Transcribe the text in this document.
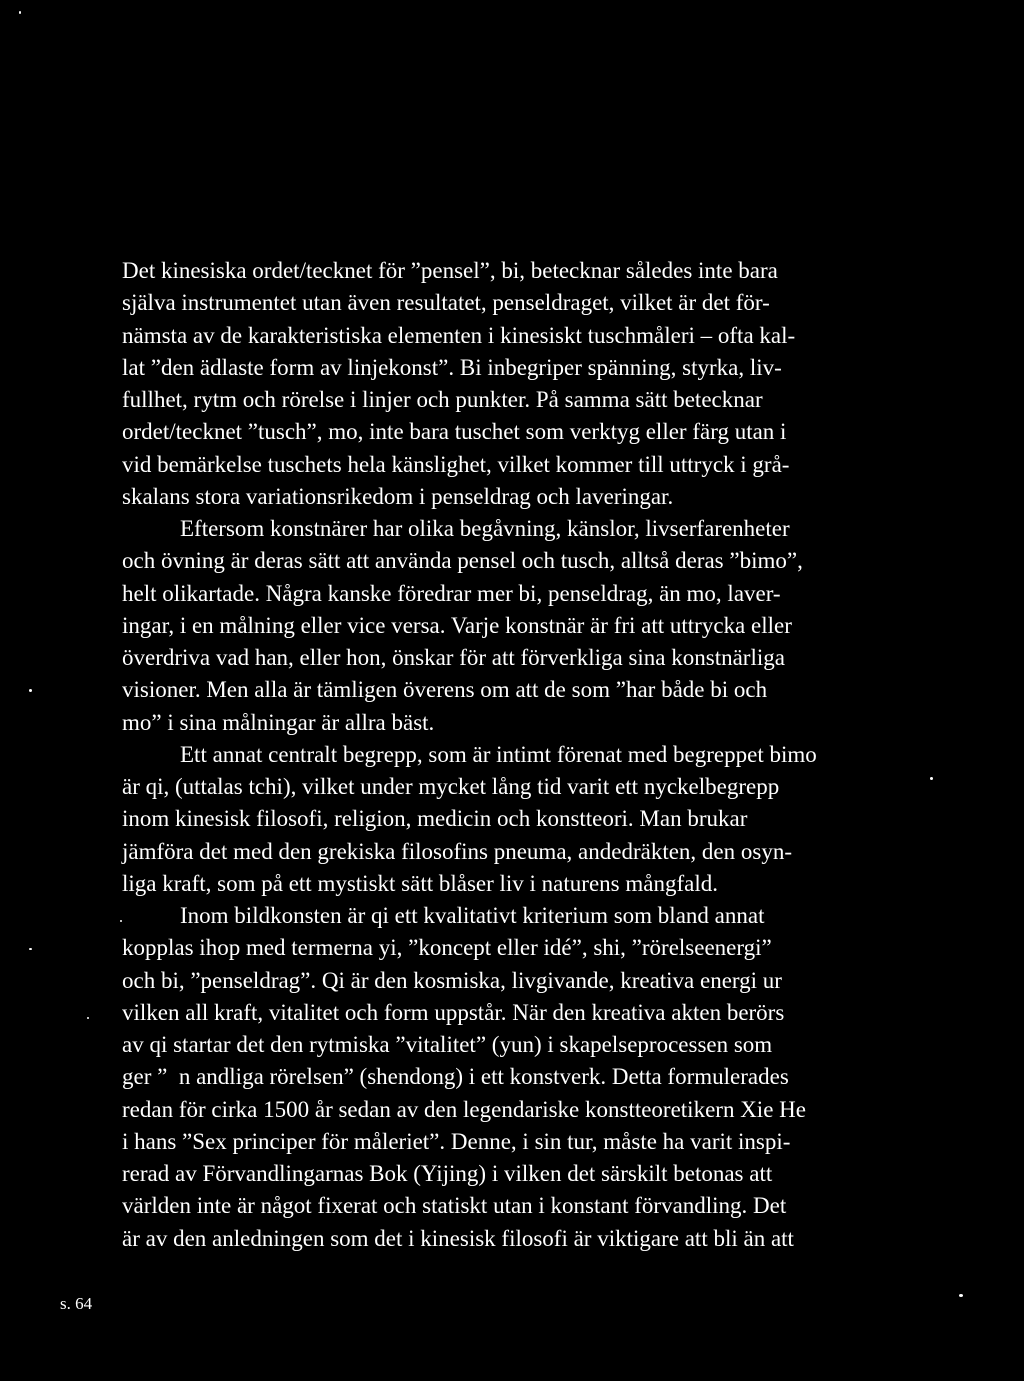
Det kinesiska ordet/tecknet för ”pensel”, bi, betecknar således inte bara
själva instrumentet utan även resultatet, penseldraget, vilket är det för-
nämsta av de karakteristiska elementen i kinesiskt tuschmåleri – ofta kal-
lat ”den ädlaste form av linjekonst”. Bi inbegriper spänning, styrka, liv-
fullhet, rytm och rörelse i linjer och punkter. På samma sätt betecknar
ordet/tecknet ”tusch”, mo, inte bara tuschet som verktyg eller färg utan i
vid bemärkelse tuschets hela känslighet, vilket kommer till uttryck i grå-
skalans stora variationsrikedom i penseldrag och laveringar.
Eftersom konstnärer har olika begåvning, känslor, livserfarenheter
och övning är deras sätt att använda pensel och tusch, alltså deras ”bimo”,
helt olikartade. Några kanske föredrar mer bi, penseldrag, än mo, laver-
ingar, i en målning eller vice versa. Varje konstnär är fri att uttrycka eller
överdriva vad han, eller hon, önskar för att förverkliga sina konstnärliga
visioner. Men alla är tämligen överens om att de som ”har både bi och
mo” i sina målningar är allra bäst.
Ett annat centralt begrepp, som är intimt förenat med begreppet bimo
är qi, (uttalas tchi), vilket under mycket lång tid varit ett nyckelbegrepp
inom kinesisk filosofi, religion, medicin och konstteori. Man brukar
jämföra det med den grekiska filosofins pneuma, andedräkten, den osyn-
liga kraft, som på ett mystiskt sätt blåser liv i naturens mångfald.
Inom bildkonsten är qi ett kvalitativt kriterium som bland annat
kopplas ihop med termerna yi, ”koncept eller idé”, shi, ”rörelseenergi”
och bi, ”penseldrag”. Qi är den kosmiska, livgivande, kreativa energi ur
vilken all kraft, vitalitet och form uppstår. När den kreativa akten berörs
av qi startar det den rytmiska ”vitalitet” (yun) i skapelseprocessen som
ger ”  n andliga rörelsen” (shendong) i ett konstverk. Detta formulerades
redan för cirka 1500 år sedan av den legendariske konstteoretikern Xie He
i hans ”Sex principer för måleriet”. Denne, i sin tur, måste ha varit inspi-
rerad av Förvandlingarnas Bok (Yijing) i vilken det särskilt betonas att
världen inte är något fixerat och statiskt utan i konstant förvandling. Det
är av den anledningen som det i kinesisk filosofi är viktigare att bli än att
s. 64
